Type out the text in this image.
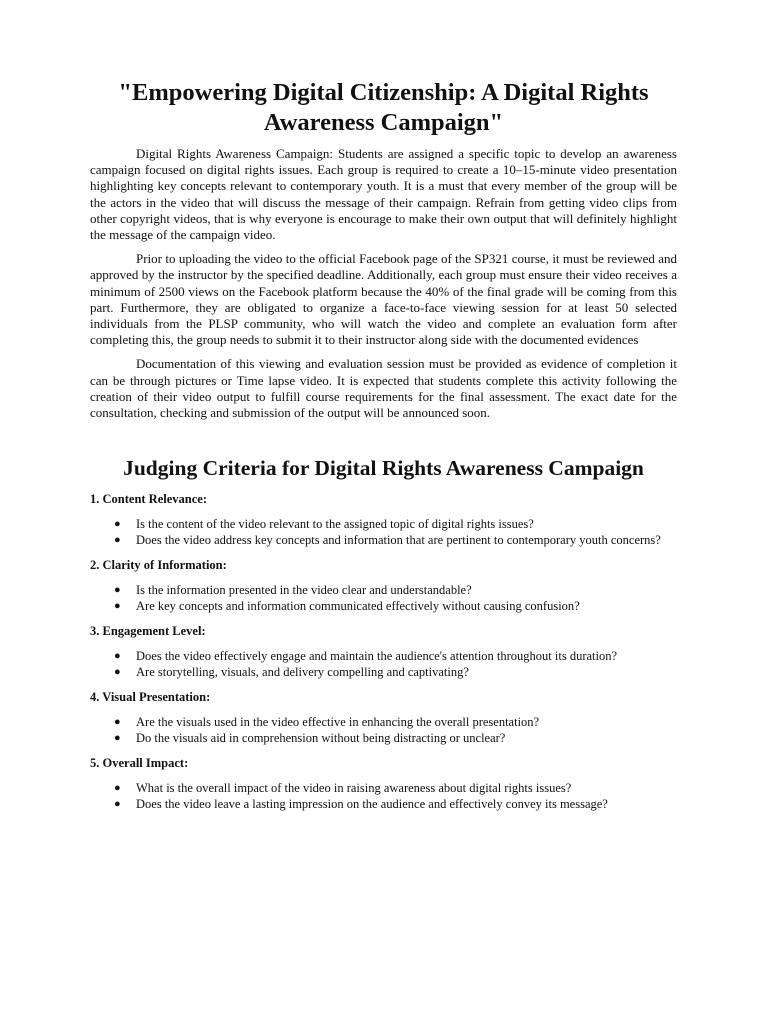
"Empowering Digital Citizenship: A Digital Rights Awareness Campaign"

Digital Rights Awareness Campaign: Students are assigned a specific topic to develop an awareness campaign focused on digital rights issues. Each group is required to create a 10–15-minute video presentation highlighting key concepts relevant to contemporary youth. It is a must that every member of the group will be the actors in the video that will discuss the message of their campaign. Refrain from getting video clips from other copyright videos, that is why everyone is encourage to make their own output that will definitely highlight the message of the campaign video.

Prior to uploading the video to the official Facebook page of the SP321 course, it must be reviewed and approved by the instructor by the specified deadline. Additionally, each group must ensure their video receives a minimum of 2500 views on the Facebook platform because the 40% of the final grade will be coming from this part. Furthermore, they are obligated to organize a face-to-face viewing session for at least 50 selected individuals from the PLSP community, who will watch the video and complete an evaluation form after completing this, the group needs to submit it to their instructor along side with the documented evidences

Documentation of this viewing and evaluation session must be provided as evidence of completion it can be through pictures or Time lapse video. It is expected that students complete this activity following the creation of their video output to fulfill course requirements for the final assessment. The exact date for the consultation, checking and submission of the output will be announced soon.

Judging Criteria for Digital Rights Awareness Campaign
1. Content Relevance:
● Is the content of the video relevant to the assigned topic of digital rights issues?
● Does the video address key concepts and information that are pertinent to contemporary youth concerns?
2. Clarity of Information:
● Is the information presented in the video clear and understandable?
● Are key concepts and information communicated effectively without causing confusion?
3. Engagement Level:
● Does the video effectively engage and maintain the audience's attention throughout its duration?
● Are storytelling, visuals, and delivery compelling and captivating?
4. Visual Presentation:
● Are the visuals used in the video effective in enhancing the overall presentation?
● Do the visuals aid in comprehension without being distracting or unclear?
5. Overall Impact:
● What is the overall impact of the video in raising awareness about digital rights issues?
● Does the video leave a lasting impression on the audience and effectively convey its message?
